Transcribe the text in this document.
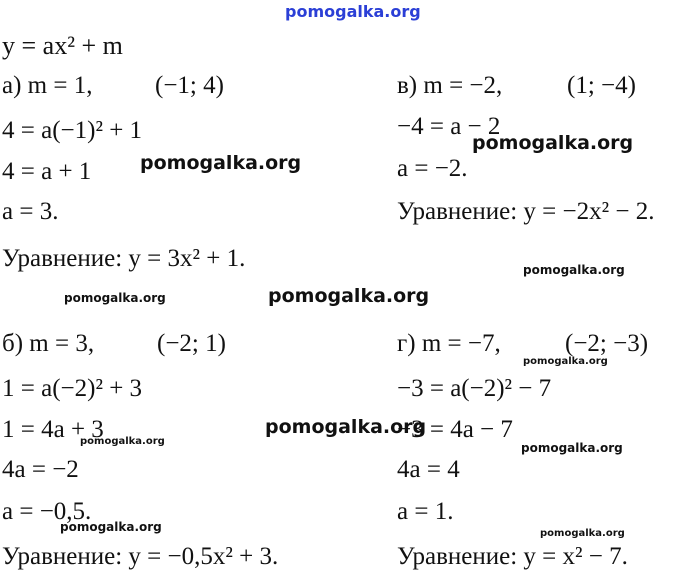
pomogalka.org
y = ax² + m
а) m = 1,	(−1; 4)
4 = a(−1)² + 1
4 = a + 1
a = 3.
Уравнение: y = 3x² + 1.
в) m = −2,	(1; −4)
−4 = a − 2
a = −2.
Уравнение: y = −2x² − 2.
б) m = 3,	(−2; 1)
1 = a(−2)² + 3
1 = 4a + 3
4a = −2
a = −0,5.
Уравнение: y = −0,5x² + 3.
г) m = −7,	(−2; −3)
−3 = a(−2)² − 7
−3 = 4a − 7
4a = 4
a = 1.
Уравнение: y = x² − 7.
pomogalka.org
pomogalka.org
pomogalka.org
pomogalka.org	pomogalka.org
pomogalka.org
pomogalka.org
pomogalka.org	pomogalka.org
pomogalka.org	pomogalka.org
